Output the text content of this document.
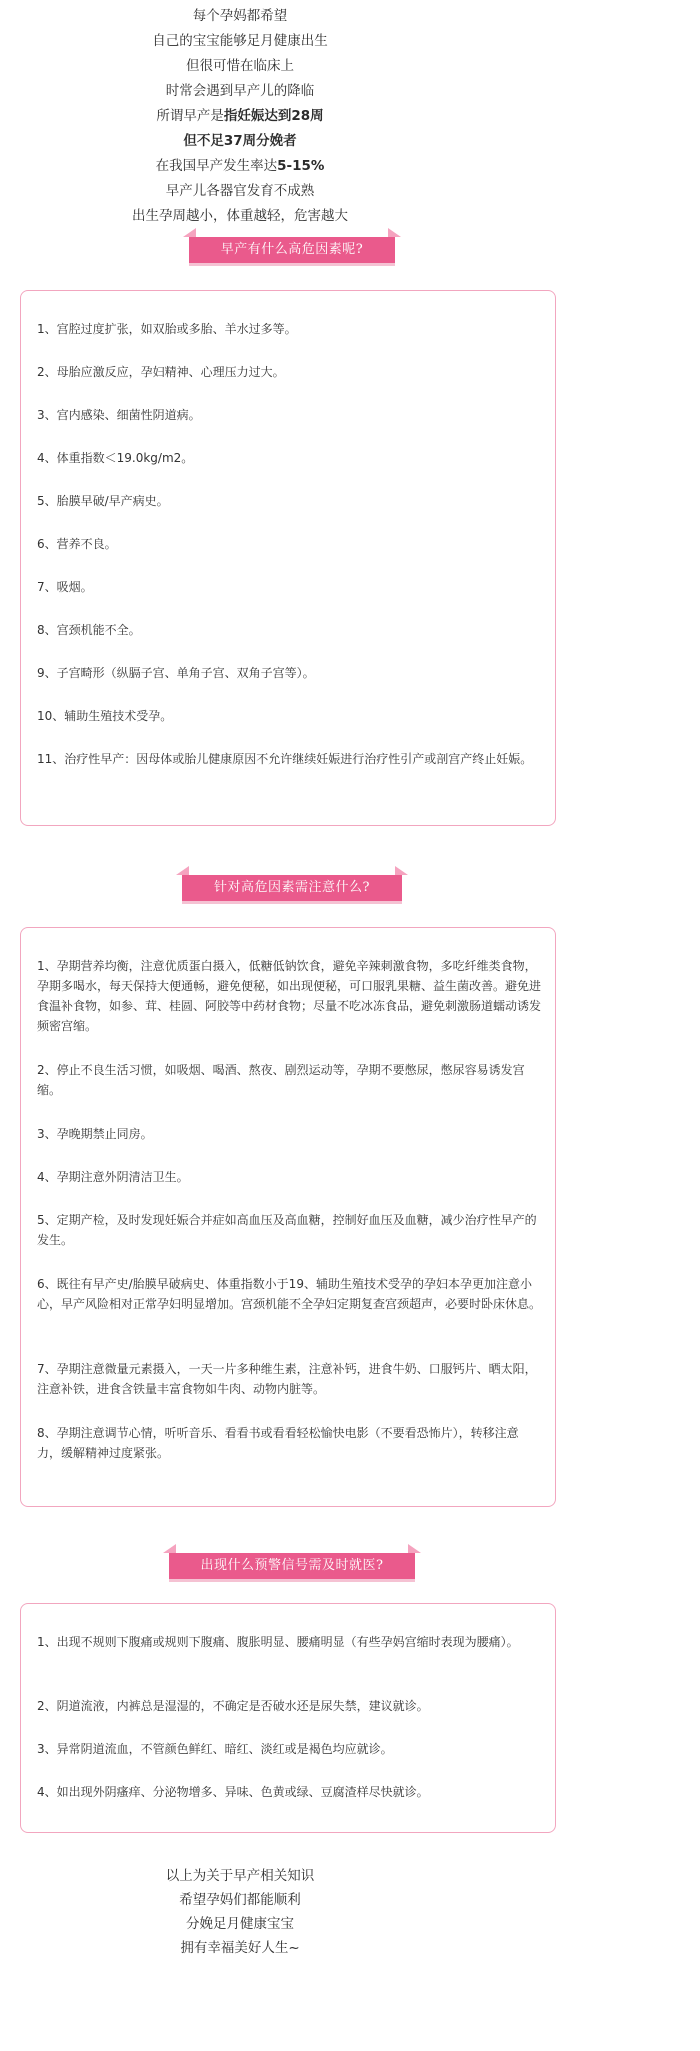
每个孕妈都希望
自己的宝宝能够足月健康出生
但很可惜在临床上
时常会遇到早产儿的降临
所谓早产是指妊娠达到28周
但不足37周分娩者
在我国早产发生率达5-15%
早产儿各器官发育不成熟
出生孕周越小，体重越轻，危害越大
早产有什么高危因素呢?

1、宫腔过度扩张，如双胎或多胎、羊水过多等。

2、母胎应激反应，孕妇精神、心理压力过大。

3、宫内感染、细菌性阴道病。

4、体重指数＜19.0kg/m2。

5、胎膜早破/早产病史。

6、营养不良。

7、吸烟。

8、宫颈机能不全。

9、子宫畸形（纵膈子宫、单角子宫、双角子宫等）。

10、辅助生殖技术受孕。

11、治疗性早产：因母体或胎儿健康原因不允许继续妊娠进行治疗性引产或剖宫产终止妊娠。

针对高危因素需注意什么?

1、孕期营养均衡，注意优质蛋白摄入，低糖低钠饮食，避免辛辣刺激食物，多吃纤维类食物，孕期多喝水，每天保持大便通畅，避免便秘，如出现便秘，可口服乳果糖、益生菌改善。避免进食温补食物，如参、茸、桂圆、阿胶等中药材食物；尽量不吃冰冻食品，避免刺激肠道蠕动诱发频密宫缩。

2、停止不良生活习惯，如吸烟、喝酒、熬夜、剧烈运动等，孕期不要憋尿，憋尿容易诱发宫缩。

3、孕晚期禁止同房。

4、孕期注意外阴清洁卫生。

5、定期产检，及时发现妊娠合并症如高血压及高血糖，控制好血压及血糖，减少治疗性早产的发生。

6、既往有早产史/胎膜早破病史、体重指数小于19、辅助生殖技术受孕的孕妇本孕更加注意小心，早产风险相对正常孕妇明显增加。宫颈机能不全孕妇定期复查宫颈超声，必要时卧床休息。

7、孕期注意微量元素摄入，一天一片多种维生素，注意补钙，进食牛奶、口服钙片、晒太阳，注意补铁，进食含铁量丰富食物如牛肉、动物内脏等。

8、孕期注意调节心情，听听音乐、看看书或看看轻松愉快电影（不要看恐怖片），转移注意力，缓解精神过度紧张。

出现什么预警信号需及时就医?

1、出现不规则下腹痛或规则下腹痛、腹胀明显、腰痛明显（有些孕妈宫缩时表现为腰痛）。

2、阴道流液，内裤总是湿湿的，不确定是否破水还是尿失禁，建议就诊。

3、异常阴道流血，不管颜色鲜红、暗红、淡红或是褐色均应就诊。

4、如出现外阴瘙痒、分泌物增多、异味、色黄或绿、豆腐渣样尽快就诊。

以上为关于早产相关知识
希望孕妈们都能顺利
分娩足月健康宝宝
拥有幸福美好人生~
